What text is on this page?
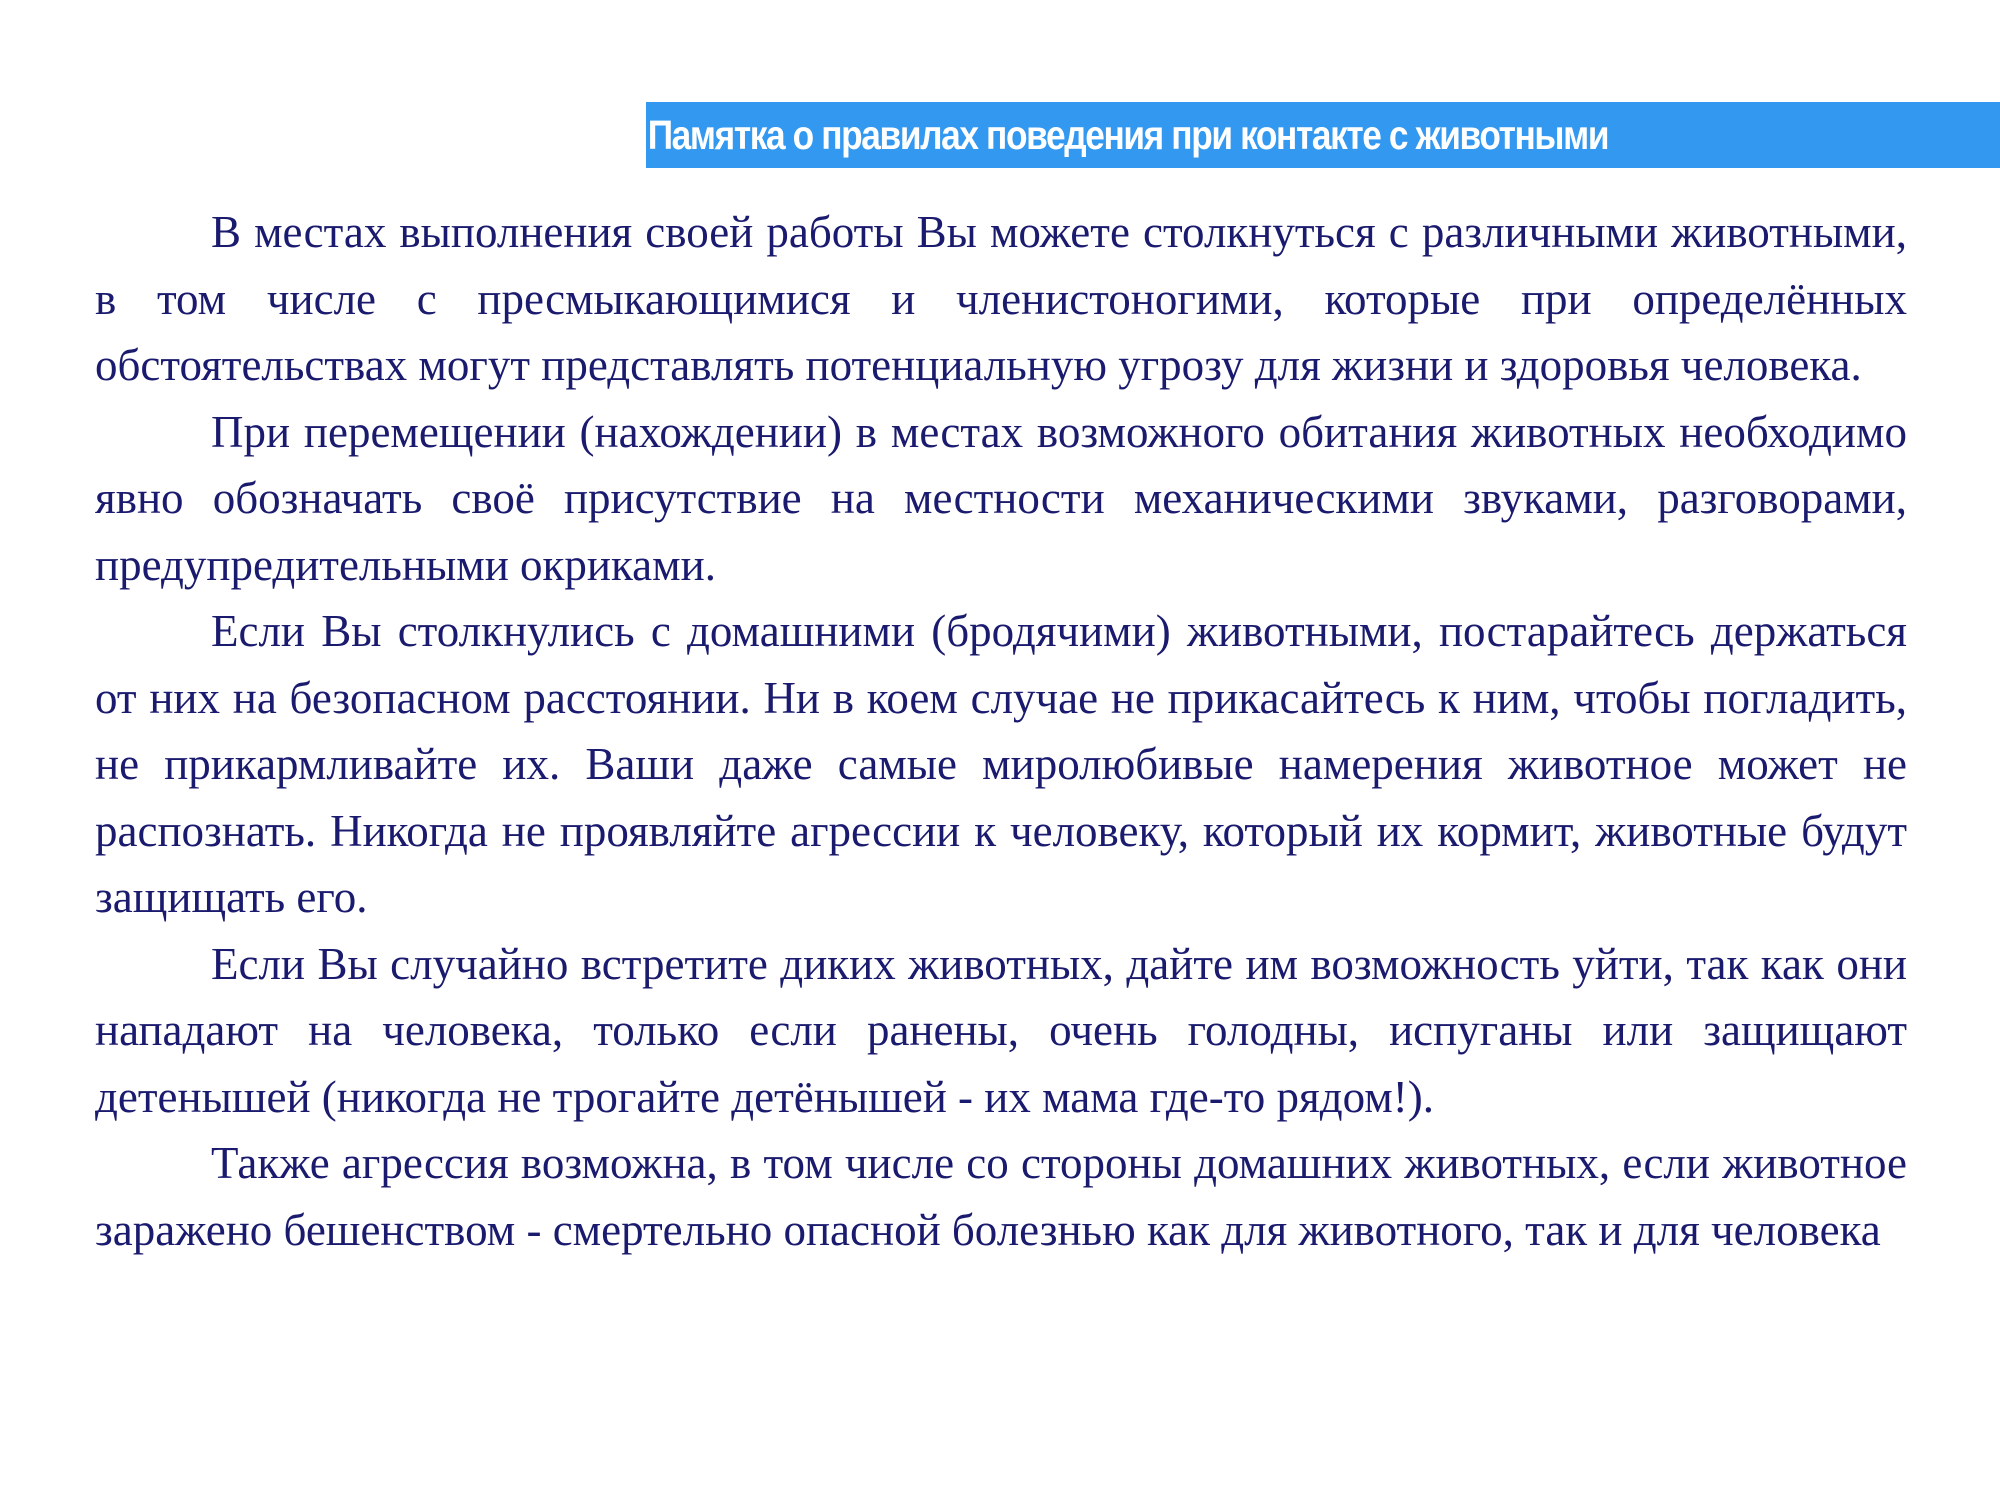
Памятка о правилах поведения при контакте с животными

В местах выполнения своей работы Вы можете столкнуться с различными животными, в том числе с пресмыкающимися и членистоногими, которые при определённых обстоятельствах могут представлять потенциальную угрозу для жизни и здоровья человека.

При перемещении (нахождении) в местах возможного обитания животных необходимо явно обозначать своё присутствие на местности механическими звуками, разговорами, предупредительными окриками.

Если Вы столкнулись с домашними (бродячими) животными, постарайтесь держаться от них на безопасном расстоянии. Ни в коем случае не прикасайтесь к ним, чтобы погладить, не прикармливайте их. Ваши даже самые миролюбивые намерения животное может не распознать. Никогда не проявляйте агрессии к человеку, который их кормит, животные будут защищать его.

Если Вы случайно встретите диких животных, дайте им возможность уйти, так как они нападают на человека, только если ранены, очень голодны, испуганы или защищают детенышей (никогда не трогайте детёнышей - их мама где-то рядом!).

Также агрессия возможна, в том числе со стороны домашних животных, если животное заражено бешенством - смертельно опасной болезнью как для животного, так и для человека
